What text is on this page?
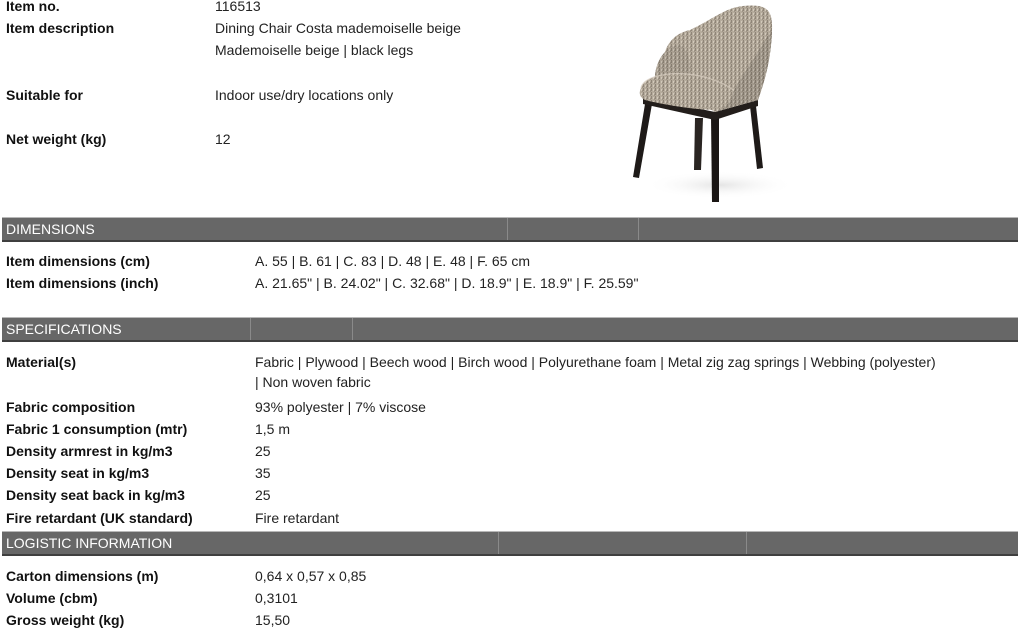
Item no.	116513
Item description	Dining Chair Costa mademoiselle beige
Mademoiselle beige | black legs
Suitable for	Indoor use/dry locations only
Net weight (kg)	12
DIMENSIONS
Item dimensions (cm)	A. 55 | B. 61 | C. 83 | D. 48 | E. 48 | F. 65 cm
Item dimensions (inch)	A. 21.65" | B. 24.02" | C. 32.68" | D. 18.9" | E. 18.9" | F. 25.59"
SPECIFICATIONS
Material(s)	Fabric | Plywood | Beech wood | Birch wood | Polyurethane foam | Metal zig zag springs | Webbing (polyester)
| Non woven fabric
Fabric composition	93% polyester | 7% viscose
Fabric 1 consumption (mtr)	1,5 m
Density armrest in kg/m3	25
Density seat in kg/m3	35
Density seat back in kg/m3	25
Fire retardant (UK standard)	Fire retardant
LOGISTIC INFORMATION
Carton dimensions (m)	0,64 x 0,57 x 0,85
Volume (cbm)	0,3101
Gross weight (kg)	15,50
